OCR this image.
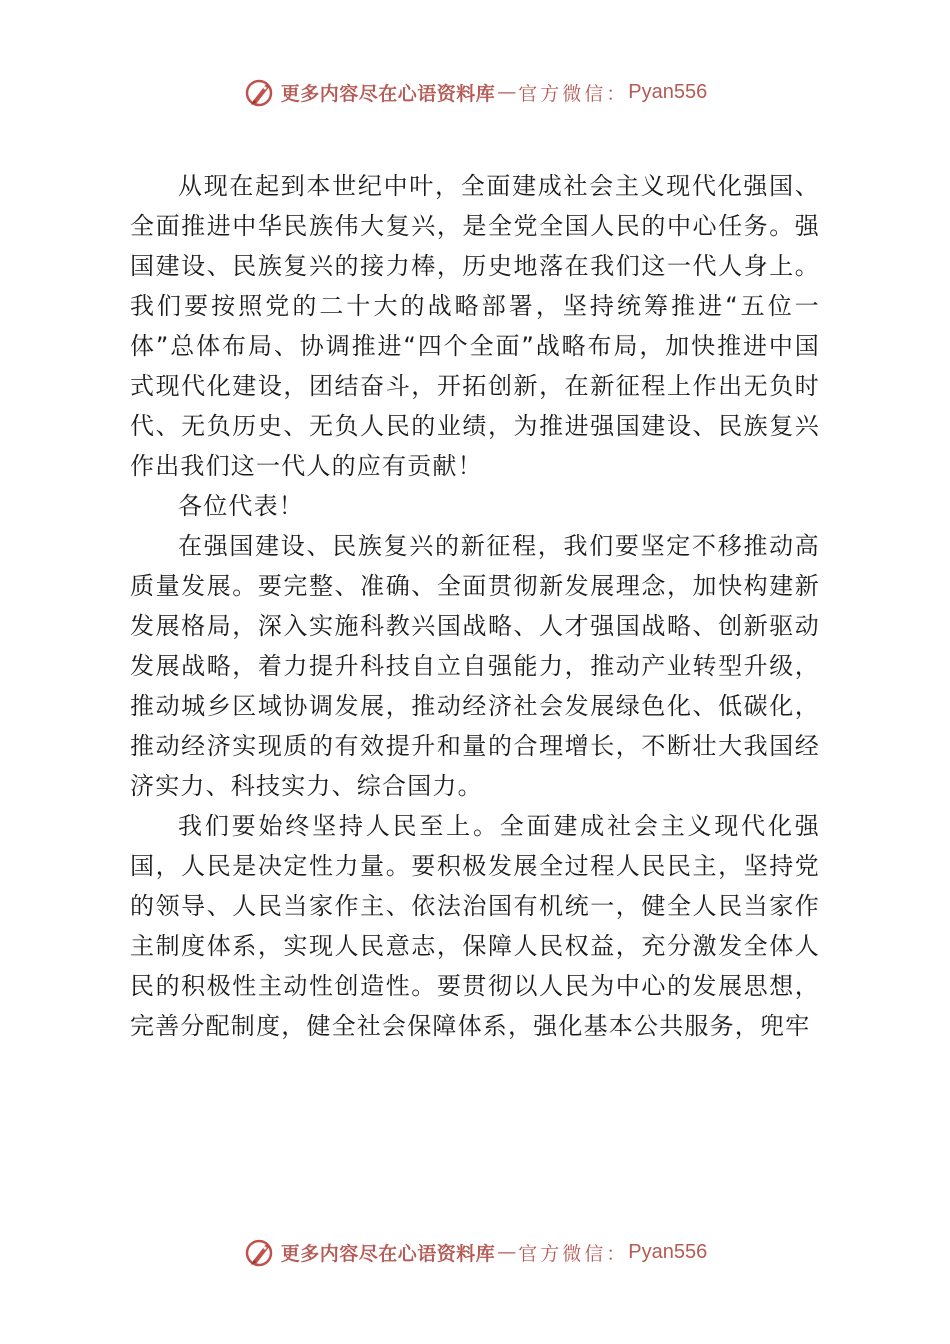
更多内容尽在心语资料库 — 官方微信： Pyan556

从现在起到本世纪中叶，全面建成社会主义现代化强国、全面推进中华民族伟大复兴，是全党全国人民的中心任务。强国建设、民族复兴的接力棒，历史地落在我们这一代人身上。我们要按照党的二十大的战略部署，坚持统筹推进“五位一体”总体布局、协调推进“四个全面”战略布局，加快推进中国式现代化建设，团结奋斗，开拓创新，在新征程上作出无负时代、无负历史、无负人民的业绩，为推进强国建设、民族复兴作出我们这一代人的应有贡献！

各位代表！

在强国建设、民族复兴的新征程，我们要坚定不移推动高质量发展。要完整、准确、全面贯彻新发展理念，加快构建新发展格局，深入实施科教兴国战略、人才强国战略、创新驱动发展战略，着力提升科技自立自强能力，推动产业转型升级， 推动城乡区域协调发展，推动经济社会发展绿色化、低碳化， 推动经济实现质的有效提升和量的合理增长，不断壮大我国经济实力、科技实力、综合国力。

我们要始终坚持人民至上。全面建成社会主义现代化强国，人民是决定性力量。要积极发展全过程人民民主，坚持党的领导、人民当家作主、依法治国有机统一，健全人民当家作主制度体系，实现人民意志，保障人民权益，充分激发全体人民的积极性主动性创造性。要贯彻以人民为中心的发展思想，完善分配制度，健全社会保障体系，强化基本公共服务，兜牢

更多内容尽在心语资料库 — 官方微信： Pyan556
